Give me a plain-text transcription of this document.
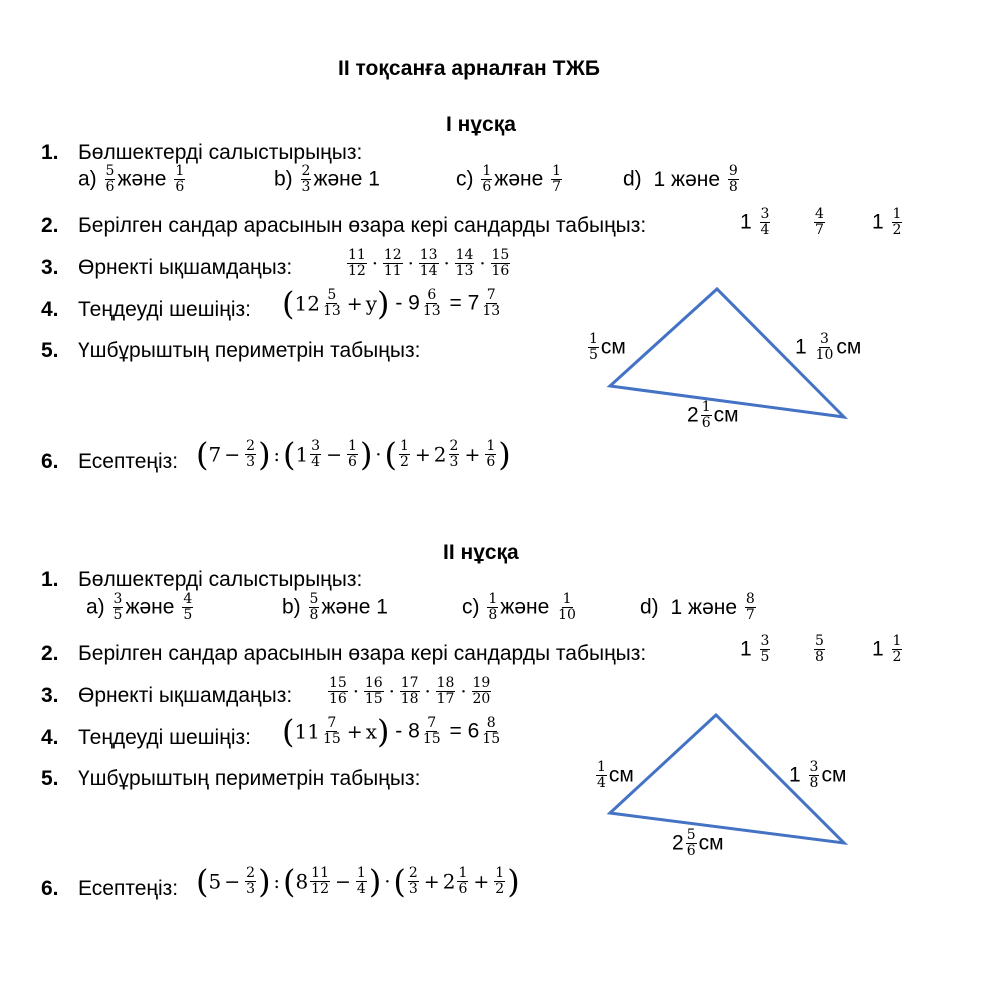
ІІ тоқсанға арналған ТЖБ
І нұсқа
1. Бөлшектерді салыстырыңыз:
$a) \frac{5}{6}$ және $\frac{1}{6}$	$b) \frac{2}{3}$ және 1	$c) \frac{1}{6}$ және $\frac{1}{7}$	d) 1 және $\frac{9}{8}$
2. Берілген сандар арасынын өзара кері сандарды табыңыз:	$1 \frac{3}{4}$	$\frac{4}{7} 1 \frac{1}{2}$
3. Өрнекті ықшамдаңыз:	$\frac{11}{12} \cdot \frac{12}{11} \cdot \frac{13}{14} \cdot \frac{14}{13} \cdot \frac{15}{16}$
4. Теңдеуді шешіңіз: $(12 \frac{5}{13} + y) - 9 \frac{6}{13} = 7 \frac{7}{13}$
5. Үшбұрыштың периметрін табыңыз:	$\frac{1}{5}$ см	$1 \frac{3}{10}$ см
$2 \frac{1}{6}$ см
6. Есептеңіз: ($7 - \frac{2}{3}$ ) :(1 $\frac{3}{4} - \frac{1}{6}$ ) ·( $\frac{1}{2} + 2 \frac{2}{3} + \frac{1}{6}$ )
ІІ нұсқа
1. Бөлшектерді салыстырыңыз:
$a) \frac{3}{5}$ және $\frac{4}{5}$	$b) \frac{5}{8}$ және 1	$c) \frac{1}{8}$ және $\frac{1}{10}$	d) 1 және $\frac{8}{7}$
2. Берілген сандар арасынын өзара кері сандарды табыңыз:	$1 \frac{3}{5}$	$\frac{5}{8} 1 \frac{1}{2}$
3. Өрнекті ықшамдаңыз:	$\frac{15}{16} \cdot \frac{16}{15} \cdot \frac{17}{18} \cdot \frac{18}{17} \cdot \frac{19}{20}$
4. Теңдеуді шешіңіз: $(11 \frac{7}{15} + x) - 8 \frac{7}{15} = 6 \frac{8}{15}$
5. Үшбұрыштың периметрін табыңыз:	$\frac{1}{4}$ см	$1 \frac{3}{8}$ см
$2 \frac{5}{6}$ см
6. Есептеңіз: ($5 - \frac{2}{3}$ ) :(8 $\frac{11}{12} - \frac{1}{4}$ ) ·( $\frac{2}{3} + 2 \frac{1}{6} + \frac{1}{2}$ )
